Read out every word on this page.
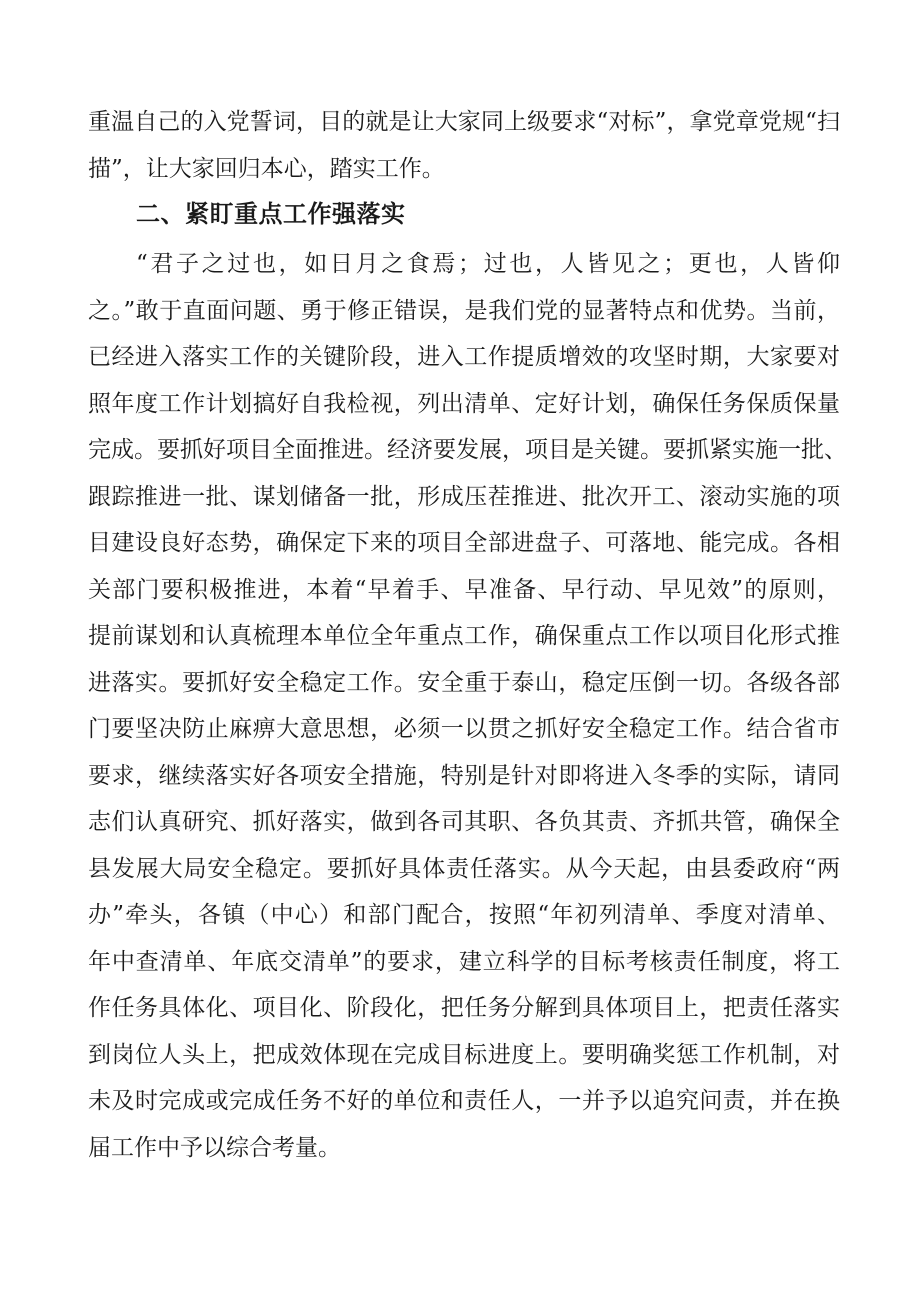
重温自己的入党誓词，目的就是让大家同上级要求“对标”，拿党章党规“扫
描”，让大家回归本心，踏实工作。
二、紧盯重点工作强落实
“君子之过也，如日月之食焉；过也，人皆见之；更也，人皆仰
之。”敢于直面问题、勇于修正错误，是我们党的显著特点和优势。当前，
已经进入落实工作的关键阶段，进入工作提质增效的攻坚时期，大家要对
照年度工作计划搞好自我检视，列出清单、定好计划，确保任务保质保量
完成。要抓好项目全面推进。经济要发展，项目是关键。要抓紧实施一批、
跟踪推进一批、谋划储备一批，形成压茬推进、批次开工、滚动实施的项
目建设良好态势，确保定下来的项目全部进盘子、可落地、能完成。各相
关部门要积极推进，本着“早着手、早准备、早行动、早见效”的原则，
提前谋划和认真梳理本单位全年重点工作，确保重点工作以项目化形式推
进落实。要抓好安全稳定工作。安全重于泰山，稳定压倒一切。各级各部
门要坚决防止麻痹大意思想，必须一以贯之抓好安全稳定工作。结合省市
要求，继续落实好各项安全措施，特别是针对即将进入冬季的实际，请同
志们认真研究、抓好落实，做到各司其职、各负其责、齐抓共管，确保全
县发展大局安全稳定。要抓好具体责任落实。从今天起，由县委政府“两
办”牵头，各镇（中心）和部门配合，按照“年初列清单、季度对清单、
年中查清单、年底交清单”的要求，建立科学的目标考核责任制度，将工
作任务具体化、项目化、阶段化，把任务分解到具体项目上，把责任落实
到岗位人头上，把成效体现在完成目标进度上。要明确奖惩工作机制，对
未及时完成或完成任务不好的单位和责任人，一并予以追究问责，并在换
届工作中予以综合考量。
